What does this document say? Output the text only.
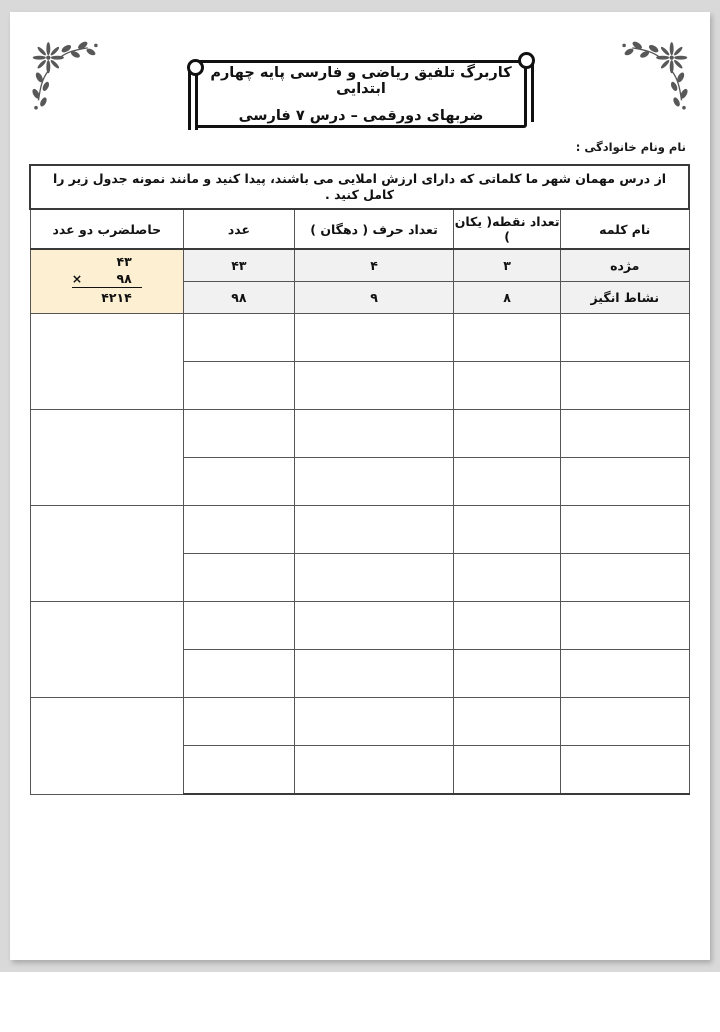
کاربرگ تلفیق ریاضی و فارسی پایه چهارم ابتدایی
ضربهای دورقمی – درس ۷ فارسی
نام ونام خانوادگی :
از درس مهمان شهر ما کلماتی که دارای ارزش املایی می باشند، پیدا کنید و مانند نمونه جدول زیر را کامل کنید .				

نام کلمه	تعداد نقطه( یکان )	تعداد حرف ( دهگان )	عدد	حاصلضرب دو عدد
مژده	۳	۴	۴۳	۴۳
× ۹۸
۴۲۱۴

نشاط انگیز	۸	۹	۹۸	
